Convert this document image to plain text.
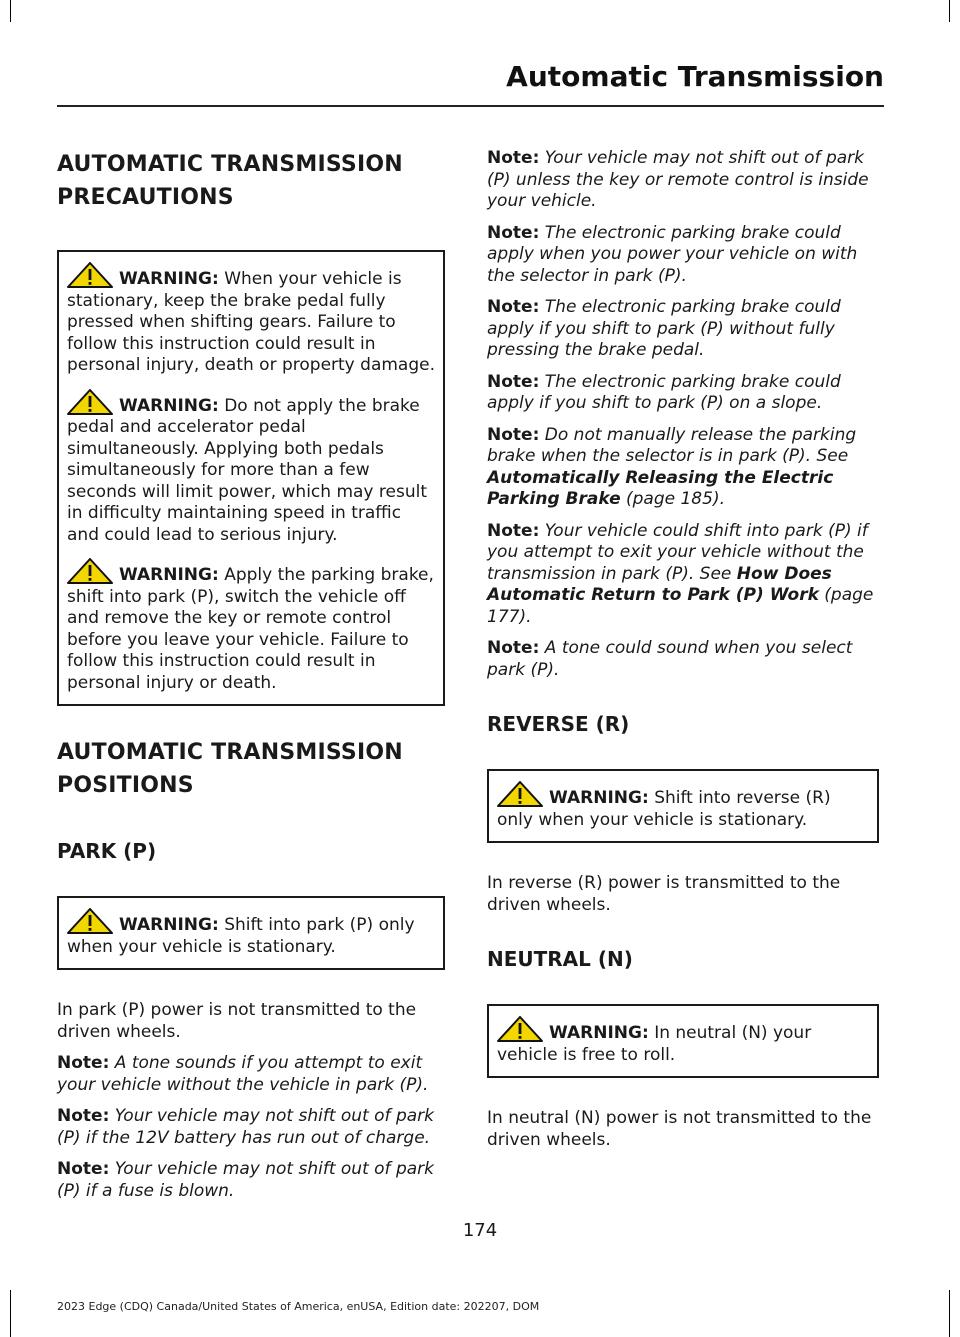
Automatic Transmission
AUTOMATIC TRANSMISSION
PRECAUTIONS

WARNING: When your vehicle is stationary, keep the brake pedal fully pressed when shifting gears. Failure to follow this instruction could result in personal injury, death or property damage.

WARNING: Do not apply the brake pedal and accelerator pedal simultaneously. Applying both pedals simultaneously for more than a few seconds will limit power, which may result in difficulty maintaining speed in traffic and could lead to serious injury.

WARNING: Apply the parking brake, shift into park (P), switch the vehicle off and remove the key or remote control before you leave your vehicle. Failure to follow this instruction could result in personal injury or death.

AUTOMATIC TRANSMISSION
POSITIONS
PARK (P)

WARNING: Shift into park (P) only when your vehicle is stationary.

In park (P) power is not transmitted to the driven wheels.

Note: A tone sounds if you attempt to exit your vehicle without the vehicle in park (P).

Note: Your vehicle may not shift out of park (P) if the 12V battery has run out of charge.

Note: Your vehicle may not shift out of park (P) if a fuse is blown.

Note: Your vehicle may not shift out of park (P) unless the key or remote control is inside your vehicle.

Note: The electronic parking brake could apply when you power your vehicle on with the selector in park (P).

Note: The electronic parking brake could apply if you shift to park (P) without fully pressing the brake pedal.

Note: The electronic parking brake could apply if you shift to park (P) on a slope.

Note: Do not manually release the parking brake when the selector is in park (P). See Automatically Releasing the Electric Parking Brake (page 185).

Note: Your vehicle could shift into park (P) if you attempt to exit your vehicle without the transmission in park (P). See How Does Automatic Return to Park (P) Work (page 177).

Note: A tone could sound when you select park (P).

REVERSE (R)

WARNING: Shift into reverse (R) only when your vehicle is stationary.

In reverse (R) power is transmitted to the driven wheels.

NEUTRAL (N)

WARNING: In neutral (N) your vehicle is free to roll.

In neutral (N) power is not transmitted to the driven wheels.

174
2023 Edge (CDQ) Canada/United States of America, enUSA, Edition date: 202207, DOM
